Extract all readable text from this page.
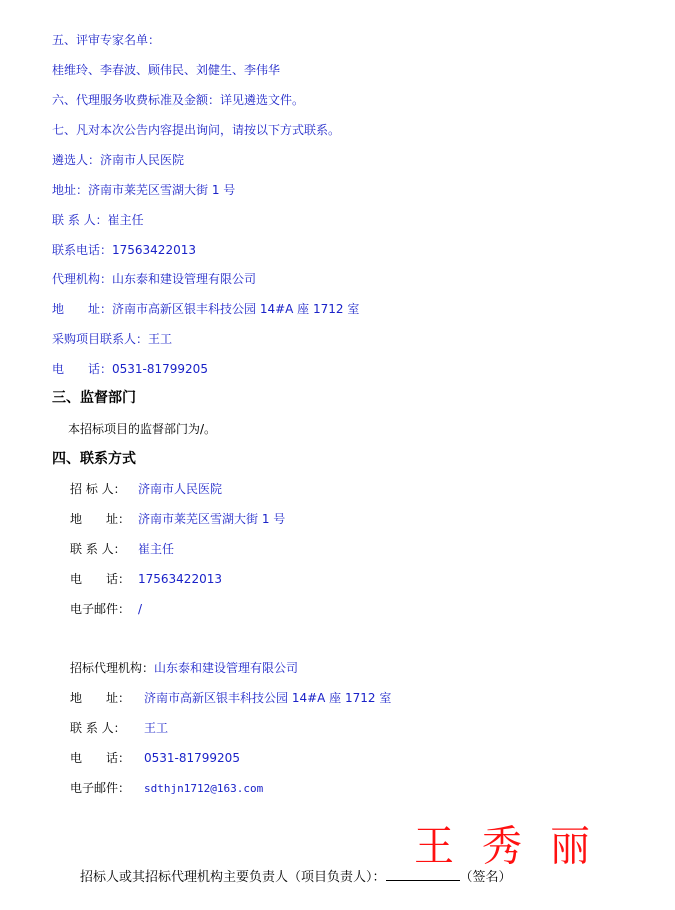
五、评审专家名单：
桂维玲、李春波、顾伟民、刘健生、李伟华
六、代理服务收费标准及金额：详见遴选文件。
七、凡对本次公告内容提出询问，请按以下方式联系。
遴选人：济南市人民医院
地址：济南市莱芜区雪湖大街 1 号
联 系 人：崔主任
联系电话：17563422013
代理机构：山东泰和建设管理有限公司
地　　址：济南市高新区银丰科技公园 14#A 座 1712 室
采购项目联系人：王工
电　　话：0531-81799205
三、监督部门
本招标项目的监督部门为/。
四、联系方式
招 标 人： 济南市人民医院
地　　址： 济南市莱芜区雪湖大街 1 号
联 系 人： 崔主任
电　　话： 17563422013
电子邮件： /
招标代理机构：山东泰和建设管理有限公司
地　　址： 济南市高新区银丰科技公园 14#A 座 1712 室
联 系 人： 王工
电　　话： 0531-81799205
电子邮件： sdthjn1712@163.com
王秀丽
招标人或其招标代理机构主要负责人（项目负责人）：	（签名）
